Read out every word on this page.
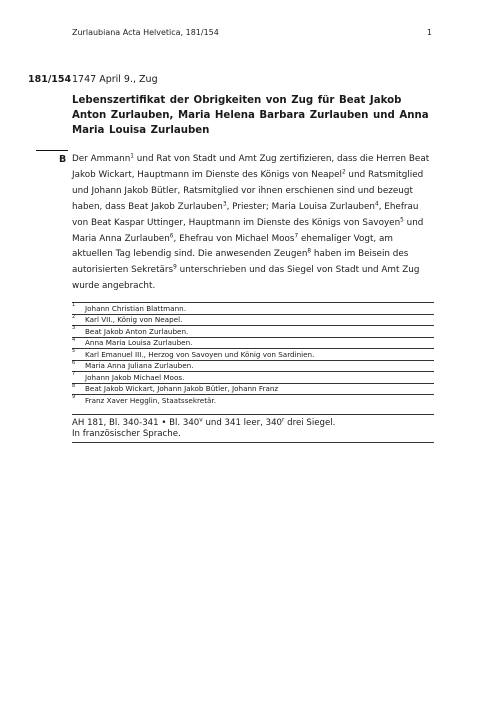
Zurlaubiana Acta Helvetica, 181/154	1
181/154 1747 April 9., Zug
Lebenszertifikat der Obrigkeiten von Zug für Beat Jakob Anton Zurlauben, Maria Helena Barbara Zurlauben und Anna Maria Louisa Zurlauben
B Der Ammann$^1$ und Rat von Stadt und Amt Zug zertifizieren, dass die Herren Beat Jakob Wickart, Hauptmann im Dienste des Königs von Neapel$^2$ und Ratsmitglied und Johann Jakob Bütler, Ratsmitglied vor ihnen erschienen sind und bezeugt haben, dass Beat Jakob Zurlauben$^3$, Priester; Maria Louisa Zurlauben$^4$, Ehefrau von Beat Kaspar Uttinger, Hauptmann im Dienste des Königs von Savoyen$^5$ und Maria Anna Zurlauben$^6$, Ehefrau von Michael Moos$^7$ ehemaliger Vogt, am aktuellen Tag lebendig sind. Die anwesenden Zeugen$^8$ haben im Beisein des autorisierten Sekretärs$^9$ unterschrieben und das Siegel von Stadt und Amt Zug wurde angebracht.

1 Johann Christian Blattmann.
2 Karl VII., König von Neapel.
3 Beat Jakob Anton Zurlauben.
4 Anna Maria Louisa Zurlauben.
5 Karl Emanuel III., Herzog von Savoyen und König von Sardinien.
6 Maria Anna Juliana Zurlauben.
7 Johann Jakob Michael Moos.
8 Beat Jakob Wickart, Johann Jakob Bütler, Johann Franz
9 Franz Xaver Hegglin, Staatssekretär.
AH 181, Bl. 340-341 • Bl. 340$^v$ und 341 leer, 340$^r$ drei Siegel.
In französischer Sprache.
